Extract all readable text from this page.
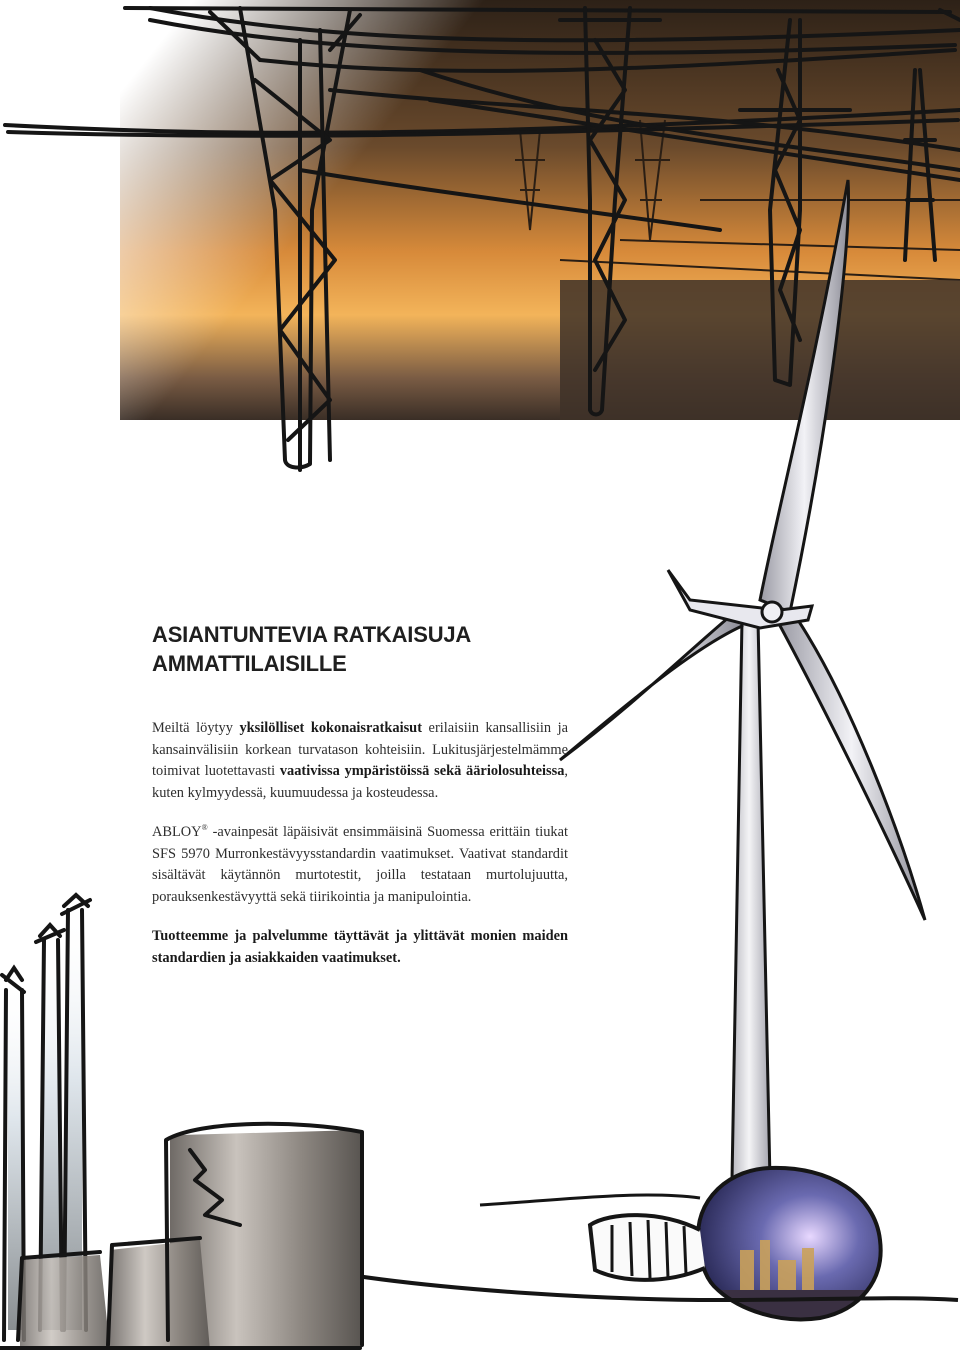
ASIANTUNTEVIA RATKAISUJA
AMMATTILAISILLE

Meiltä löytyy yksilölliset kokonaisratkaisut erilaisiin kansallisiin ja kansainvälisiin korkean turvatason kohteisiin. Lukitusjärjestelmämme toimivat luotettavasti vaativissa ympäristöissä sekä ääriolosuhteissa, kuten kylmyydessä, kuumuudessa ja kosteudessa.

ABLOY® -avainpesät läpäisivät ensimmäisinä Suomessa erittäin tiukat SFS 5970 Murronkestävyysstandardin vaatimukset. Vaativat standardit sisältävät käytännön murtotestit, joilla testataan murtolujuutta, porauksenkestävyyttä sekä tiirikointia ja manipulointia.

Tuotteemme ja palvelumme täyttävät ja ylittävät monien maiden standardien ja asiakkaiden vaatimukset.
